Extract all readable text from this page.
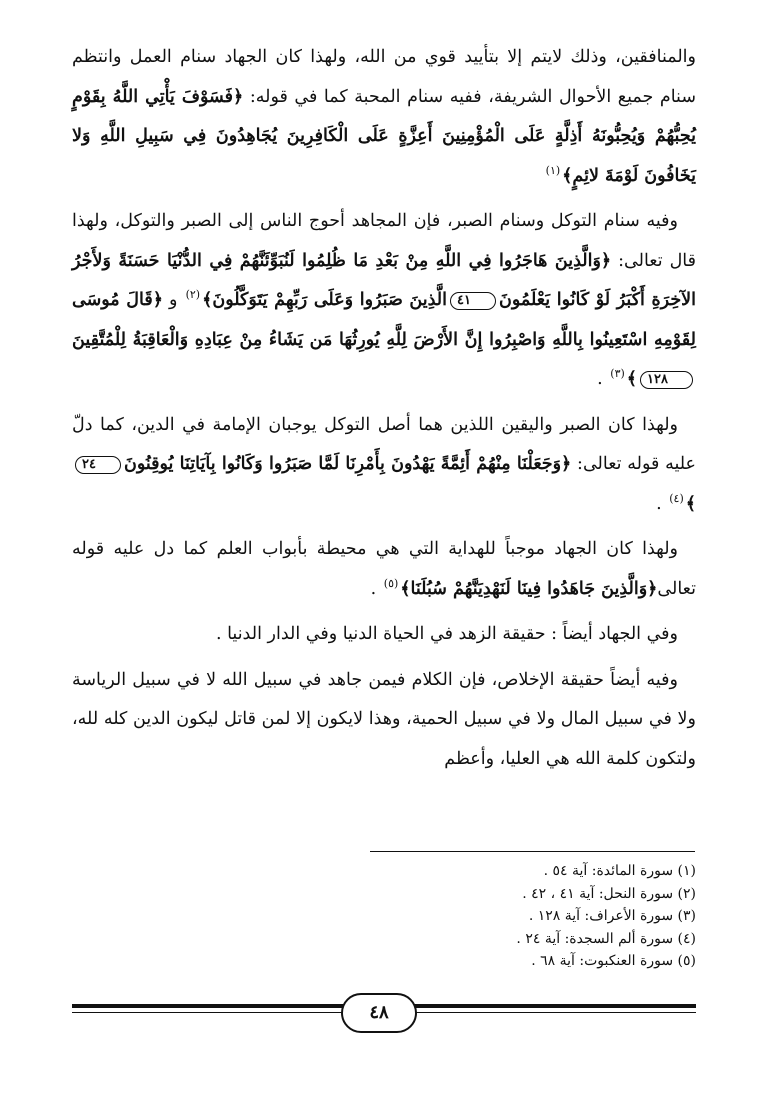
والمنافقين، وذلك لايتم إلا بتأييد قوي من الله، ولهذا كان الجهاد سنام العمل وانتظم سنام جميع الأحوال الشريفة، ففيه سنام المحبة كما في قوله: ﴿فَسَوْفَ يَأْتِي اللَّهُ بِقَوْمٍ يُحِبُّهُمْ وَيُحِبُّونَهُ أَذِلَّةٍ عَلَى الْمُؤْمِنِينَ أَعِزَّةٍ عَلَى الْكَافِرِينَ يُجَاهِدُونَ فِي سَبِيلِ اللَّهِ وَلا يَخَافُونَ لَوْمَةَ لائِمٍ﴾$^{(١)}$

وفيه سنام التوكل وسنام الصبر، فإن المجاهد أحوج الناس إلى الصبر والتوكل، ولهذا قال تعالى: ﴿وَالَّذِينَ هَاجَرُوا فِي اللَّهِ مِنْ بَعْدِ مَا ظُلِمُوا لَنُبَوِّئَنَّهُمْ فِي الدُّنْيَا حَسَنَةً وَلأَجْرُ الآخِرَةِ أَكْبَرُ لَوْ كَانُوا يَعْلَمُونَ٤١الَّذِينَ صَبَرُوا وَعَلَى رَبِّهِمْ يَتَوَكَّلُونَ﴾$^{(٢)}$ و ﴿قَالَ مُوسَى لِقَوْمِهِ اسْتَعِينُوا بِاللَّهِ وَاصْبِرُوا إِنَّ الأَرْضَ لِلَّهِ يُورِثُهَا مَن يَشَاءُ مِنْ عِبَادِهِ وَالْعَاقِبَةُ لِلْمُتَّقِينَ١٢٨﴾$^{(٣)}$ .

ولهذا كان الصبر واليقين اللذين هما أصل التوكل يوجبان الإمامة في الدين، كما دلّ عليه قوله تعالى: ﴿وَجَعَلْنَا مِنْهُمْ أَئِمَّةً يَهْدُونَ بِأَمْرِنَا لَمَّا صَبَرُوا وَكَانُوا بِآيَاتِنَا يُوقِنُونَ٢٤﴾$^{(٤)}$ .

ولهذا كان الجهاد موجباً للهداية التي هي محيطة بأبواب العلم كما دل عليه قوله تعالى﴿وَالَّذِينَ جَاهَدُوا فِينَا لَنَهْدِيَنَّهُمْ سُبُلَنَا﴾$^{(٥)}$ .

وفي الجهاد أيضاً : حقيقة الزهد في الحياة الدنيا وفي الدار الدنيا .

وفيه أيضاً حقيقة الإخلاص، فإن الكلام فيمن جاهد في سبيل الله لا في سبيل الرياسة ولا في سبيل المال ولا في سبيل الحمية، وهذا لايكون إلا لمن قاتل ليكون الدين كله لله، ولتكون كلمة الله هي العليا، وأعظم

(١) سورة المائدة: آية ٥٤ .

(٢) سورة النحل: آية ٤١ ، ٤٢ .

(٣) سورة الأعراف: آية ١٢٨ .

(٤) سورة ألم السجدة: آية ٢٤ .

(٥) سورة العنكبوت: آية ٦٨ .

٤٨
